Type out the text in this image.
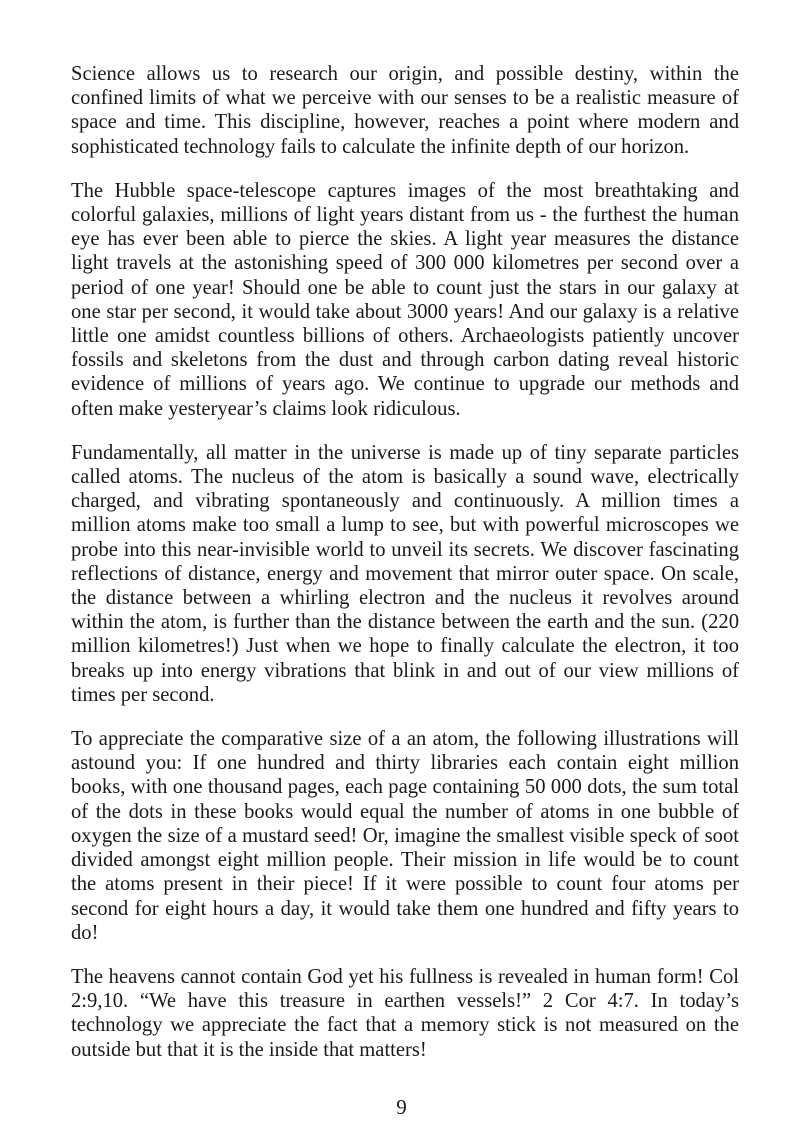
Science allows us to research our origin, and possible destiny, within the confined limits of what we perceive with our senses to be a realistic measure of space and time. This discipline, however, reaches a point where modern and sophisticated technology fails to calculate the infinite depth of our horizon.

The Hubble space-telescope captures images of the most breathtaking and colorful galaxies, millions of light years distant from us - the furthest the human eye has ever been able to pierce the skies. A light year measures the distance light travels at the astonishing speed of 300 000 kilometres per second over a period of one year! Should one be able to count just the stars in our galaxy at one star per second, it would take about 3000 years! And our galaxy is a relative little one amidst countless billions of others. Archaeologists patiently uncover fossils and skeletons from the dust and through carbon dating reveal historic evidence of millions of years ago. We continue to upgrade our methods and often make yesteryear’s claims look ridiculous.

Fundamentally, all matter in the universe is made up of tiny separate particles called atoms. The nucleus of the atom is basically a sound wave, electrically charged, and vibrating spontaneously and continuously. A million times a million atoms make too small a lump to see, but with powerful microscopes we probe into this near-invisible world to unveil its secrets. We discover fascinating reflections of distance, energy and movement that mirror outer space. On scale, the distance between a whirling electron and the nucleus it revolves around within the atom, is further than the distance between the earth and the sun. (220 million kilometres!) Just when we hope to finally calculate the electron, it too breaks up into energy vibrations that blink in and out of our view millions of times per second.

To appreciate the comparative size of a an atom, the following illustrations will astound you: If one hundred and thirty libraries each contain eight million books, with one thousand pages, each page containing 50 000 dots, the sum total of the dots in these books would equal the number of atoms in one bubble of oxygen the size of a mustard seed! Or, imagine the smallest visible speck of soot divided amongst eight million people. Their mission in life would be to count the atoms present in their piece! If it were possible to count four atoms per second for eight hours a day, it would take them one hundred and fifty years to do!

The heavens cannot contain God yet his fullness is revealed in human form! Col 2:9,10. “We have this treasure in earthen vessels!” 2 Cor 4:7. In today’s technology we appreciate the fact that a memory stick is not measured on the outside but that it is the inside that matters!

9
